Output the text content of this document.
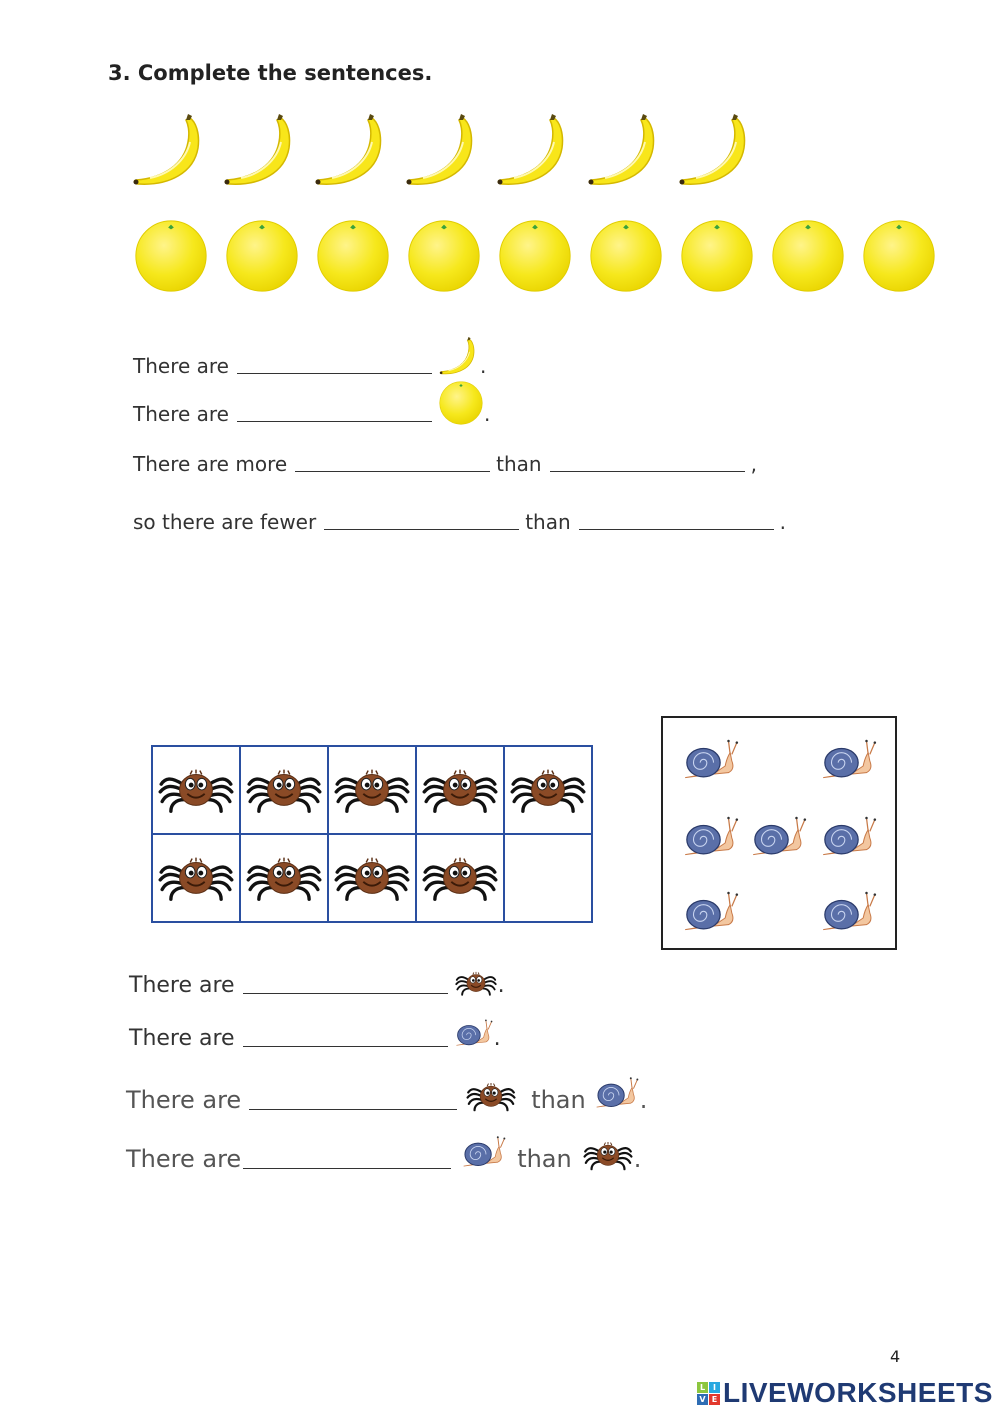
3. Complete the sentences.
There are	.
There are	.
There are more	than	,
so there are fewer	than	.

There are	.
There are	.
There are	than .
There are	than	.
4
L I
V E LIVEWORKSHEETS
